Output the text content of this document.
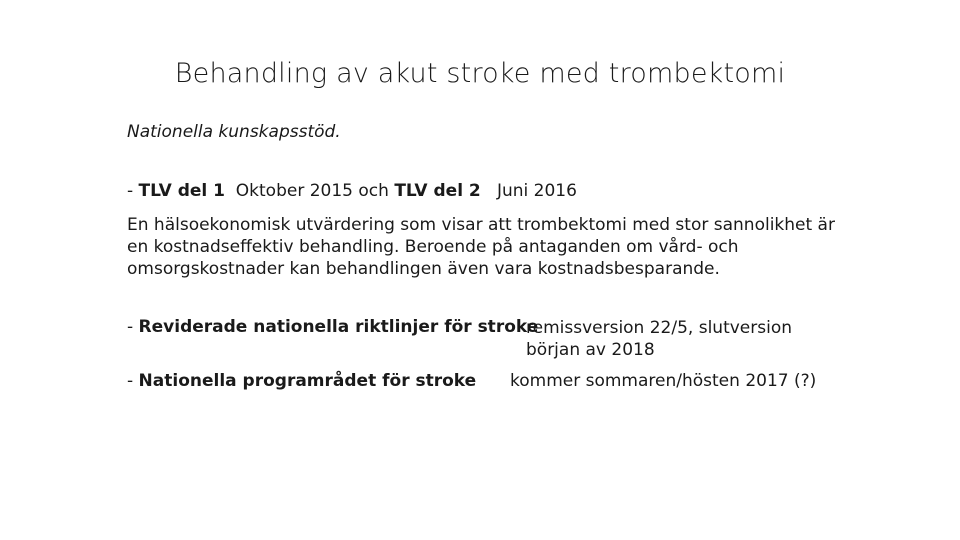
Behandling av akut stroke med trombektomi
Nationella kunskapsstöd.
- TLV del 1  Oktober 2015 och TLV del 2   Juni 2016
En hälsoekonomisk utvärdering som visar att trombektomi med stor sannolikhet är en kostnadseffektiv behandling. Beroende på antaganden om vård- och omsorgskostnader kan behandlingen även vara kostnadsbesparande.
- Reviderade nationella riktlinjer för stroke
remissversion 22/5, slutversion
början av 2018
- Nationella programrådet för stroke kommer sommaren/hösten 2017 (?)
